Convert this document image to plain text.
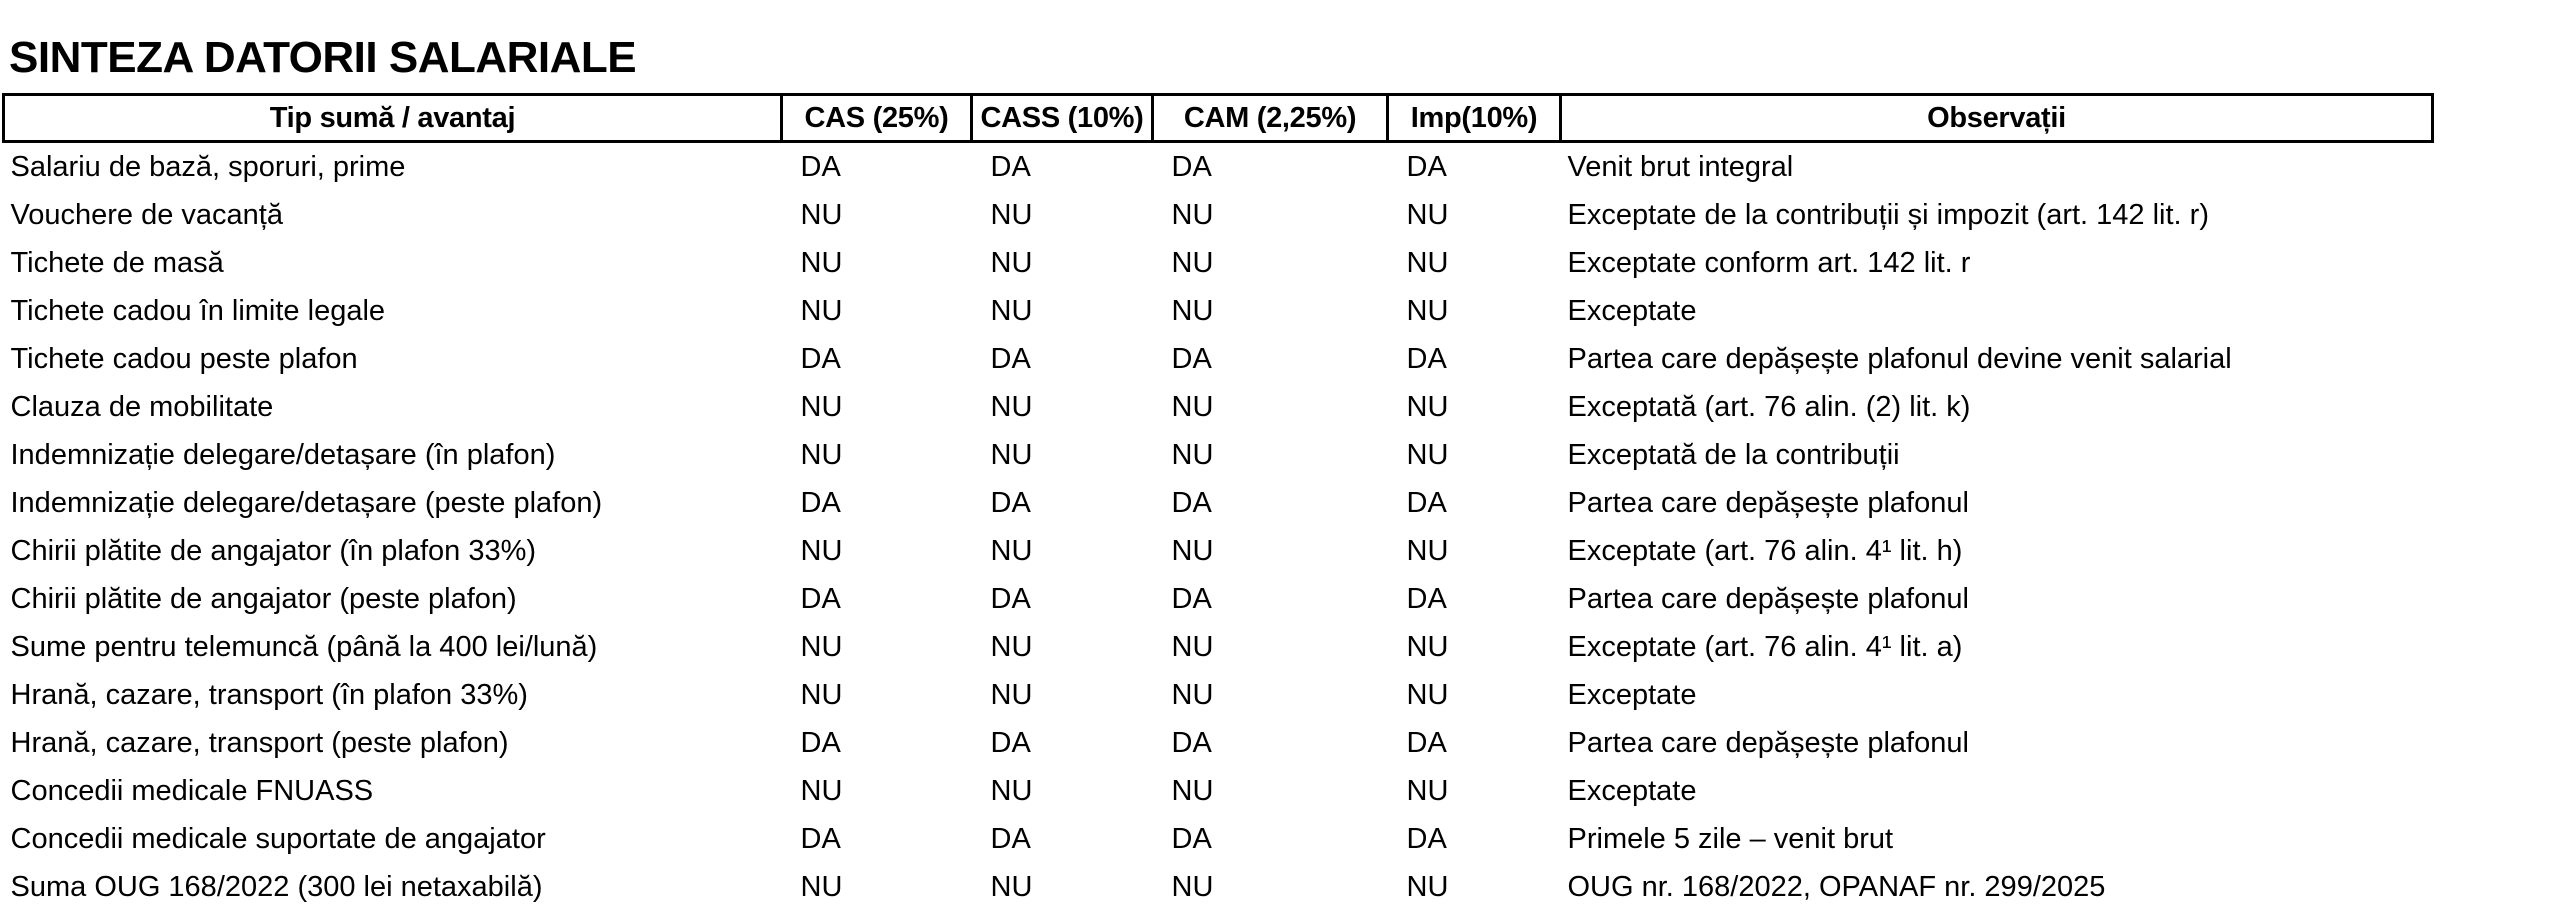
SINTEZA DATORII SALARIALE
Tip sumă / avantaj	CAS (25%)	CASS (10%)	CAM (2,25%)	Imp(10%)	Observații
Salariu de bază, sporuri, prime	DA	DA	DA	DA	Venit brut integral
Vouchere de vacanță	NU	NU	NU	NU	Exceptate de la contribuții și impozit (art. 142 lit. r)
Tichete de masă	NU	NU	NU	NU	Exceptate conform art. 142 lit. r
Tichete cadou în limite legale	NU	NU	NU	NU	Exceptate
Tichete cadou peste plafon	DA	DA	DA	DA	Partea care depășește plafonul devine venit salarial
Clauza de mobilitate	NU	NU	NU	NU	Exceptată (art. 76 alin. (2) lit. k)
Indemnizație delegare/detașare (în plafon)	NU	NU	NU	NU	Exceptată de la contribuții
Indemnizație delegare/detașare (peste plafon)	DA	DA	DA	DA	Partea care depășește plafonul
Chirii plătite de angajator (în plafon 33%)	NU	NU	NU	NU	Exceptate (art. 76 alin. 4¹ lit. h)
Chirii plătite de angajator (peste plafon)	DA	DA	DA	DA	Partea care depășește plafonul
Sume pentru telemuncă (până la 400 lei/lună)	NU	NU	NU	NU	Exceptate (art. 76 alin. 4¹ lit. a)
Hrană, cazare, transport (în plafon 33%)	NU	NU	NU	NU	Exceptate
Hrană, cazare, transport (peste plafon)	DA	DA	DA	DA	Partea care depășește plafonul
Concedii medicale FNUASS	NU	NU	NU	NU	Exceptate
Concedii medicale suportate de angajator	DA	DA	DA	DA	Primele 5 zile – venit brut
Suma OUG 168/2022 (300 lei netaxabilă)	NU	NU	NU	NU	OUG nr. 168/2022, OPANAF nr. 299/2025
